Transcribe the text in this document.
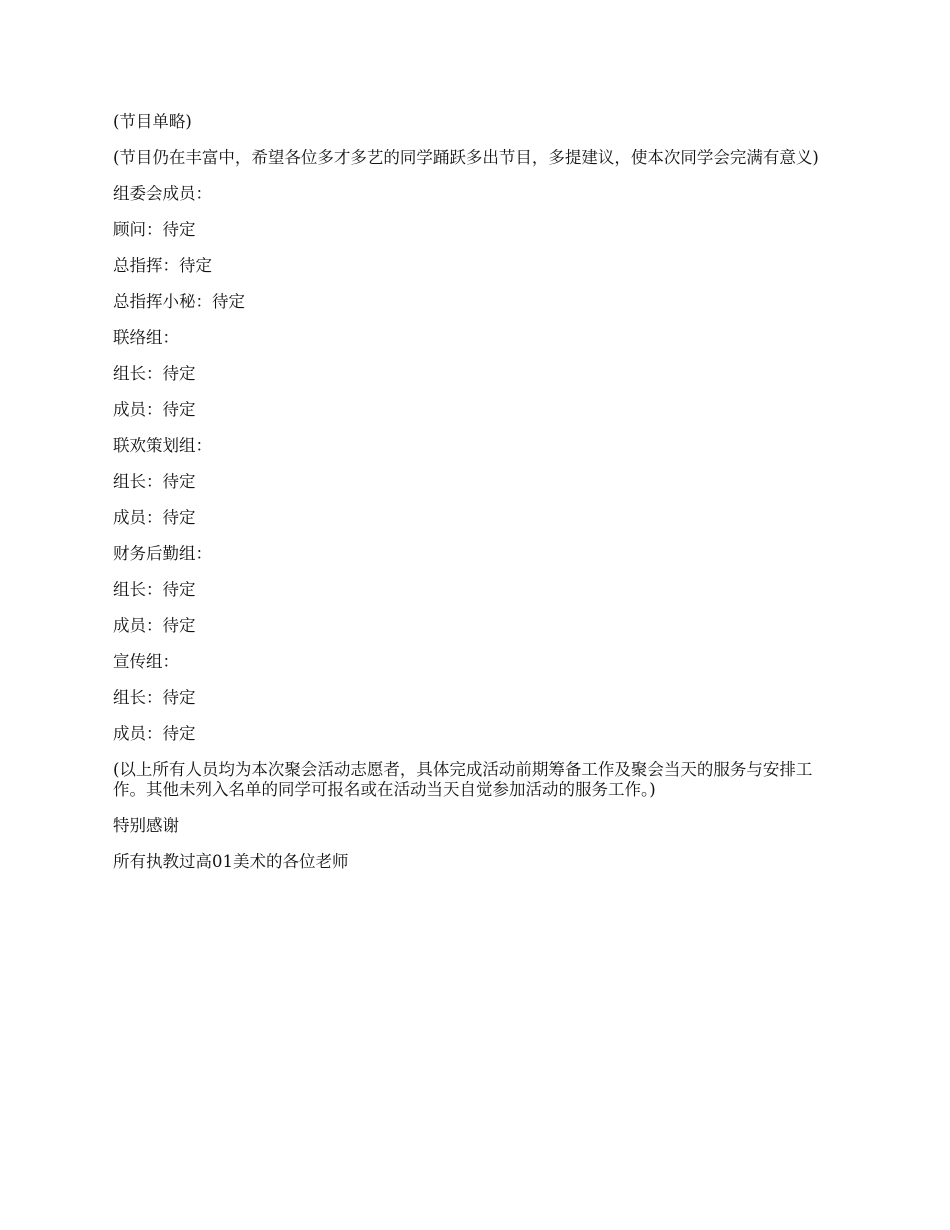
(节目单略)

(节目仍在丰富中，希望各位多才多艺的同学踊跃多出节目，多提建议，使本次同学会完满有意义)

组委会成员：

顾问：待定

总指挥：待定

总指挥小秘：待定

联络组：

组长：待定

成员：待定

联欢策划组：

组长：待定

成员：待定

财务后勤组：

组长：待定

成员：待定

宣传组：

组长：待定

成员：待定

(以上所有人员均为本次聚会活动志愿者，具体完成活动前期筹备工作及聚会当天的服务与安排工作。其他未列入名单的同学可报名或在活动当天自觉参加活动的服务工作。)

特别感谢

所有执教过高01美术的各位老师
